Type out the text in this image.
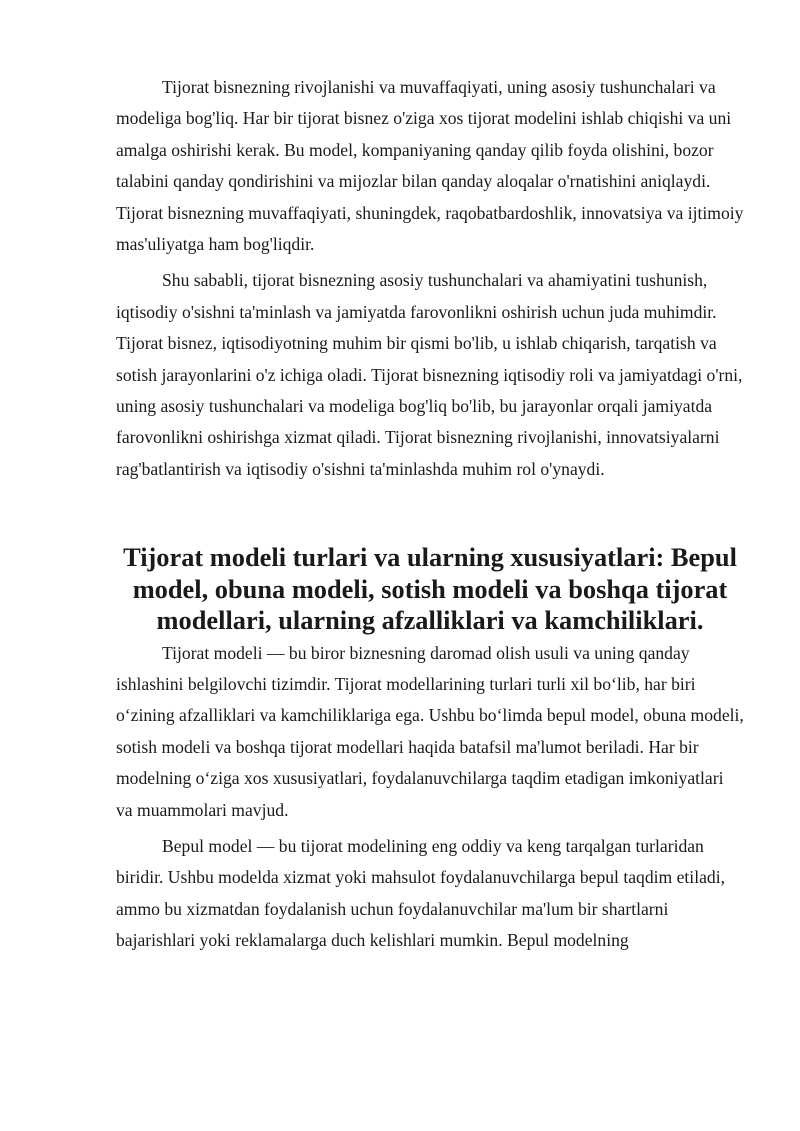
Tijorat bisnezning rivojlanishi va muvaffaqiyati, uning asosiy tushunchalari va modeliga bog'liq. Har bir tijorat bisnez o'ziga xos tijorat modelini ishlab chiqishi va uni amalga oshirishi kerak. Bu model, kompaniyaning qanday qilib foyda olishini, bozor talabini qanday qondirishini va mijozlar bilan qanday aloqalar o'rnatishini aniqlaydi. Tijorat bisnezning muvaffaqiyati, shuningdek, raqobatbardoshlik, innovatsiya va ijtimoiy mas'uliyatga ham bog'liqdir.

Shu sababli, tijorat bisnezning asosiy tushunchalari va ahamiyatini tushunish, iqtisodiy o'sishni ta'minlash va jamiyatda farovonlikni oshirish uchun juda muhimdir. Tijorat bisnez, iqtisodiyotning muhim bir qismi bo'lib, u ishlab chiqarish, tarqatish va sotish jarayonlarini o'z ichiga oladi. Tijorat bisnezning iqtisodiy roli va jamiyatdagi o'rni, uning asosiy tushunchalari va modeliga bog'liq bo'lib, bu jarayonlar orqali jamiyatda farovonlikni oshirishga xizmat qiladi. Tijorat bisnezning rivojlanishi, innovatsiyalarni rag'batlantirish va iqtisodiy o'sishni ta'minlashda muhim rol o'ynaydi.

Tijorat modeli turlari va ularning xususiyatlari: Bepul model, obuna modeli, sotish modeli va boshqa tijorat modellari, ularning afzalliklari va kamchiliklari.

Tijorat modeli — bu biror biznesning daromad olish usuli va uning qanday ishlashini belgilovchi tizimdir. Tijorat modellarining turlari turli xil bo‘lib, har biri o‘zining afzalliklari va kamchiliklariga ega. Ushbu bo‘limda bepul model, obuna modeli, sotish modeli va boshqa tijorat modellari haqida batafsil ma'lumot beriladi. Har bir modelning o‘ziga xos xususiyatlari, foydalanuvchilarga taqdim etadigan imkoniyatlari va muammolari mavjud.

Bepul model — bu tijorat modelining eng oddiy va keng tarqalgan turlaridan biridir. Ushbu modelda xizmat yoki mahsulot foydalanuvchilarga bepul taqdim etiladi, ammo bu xizmatdan foydalanish uchun foydalanuvchilar ma'lum bir shartlarni bajarishlari yoki reklamalarga duch kelishlari mumkin. Bepul modelning
